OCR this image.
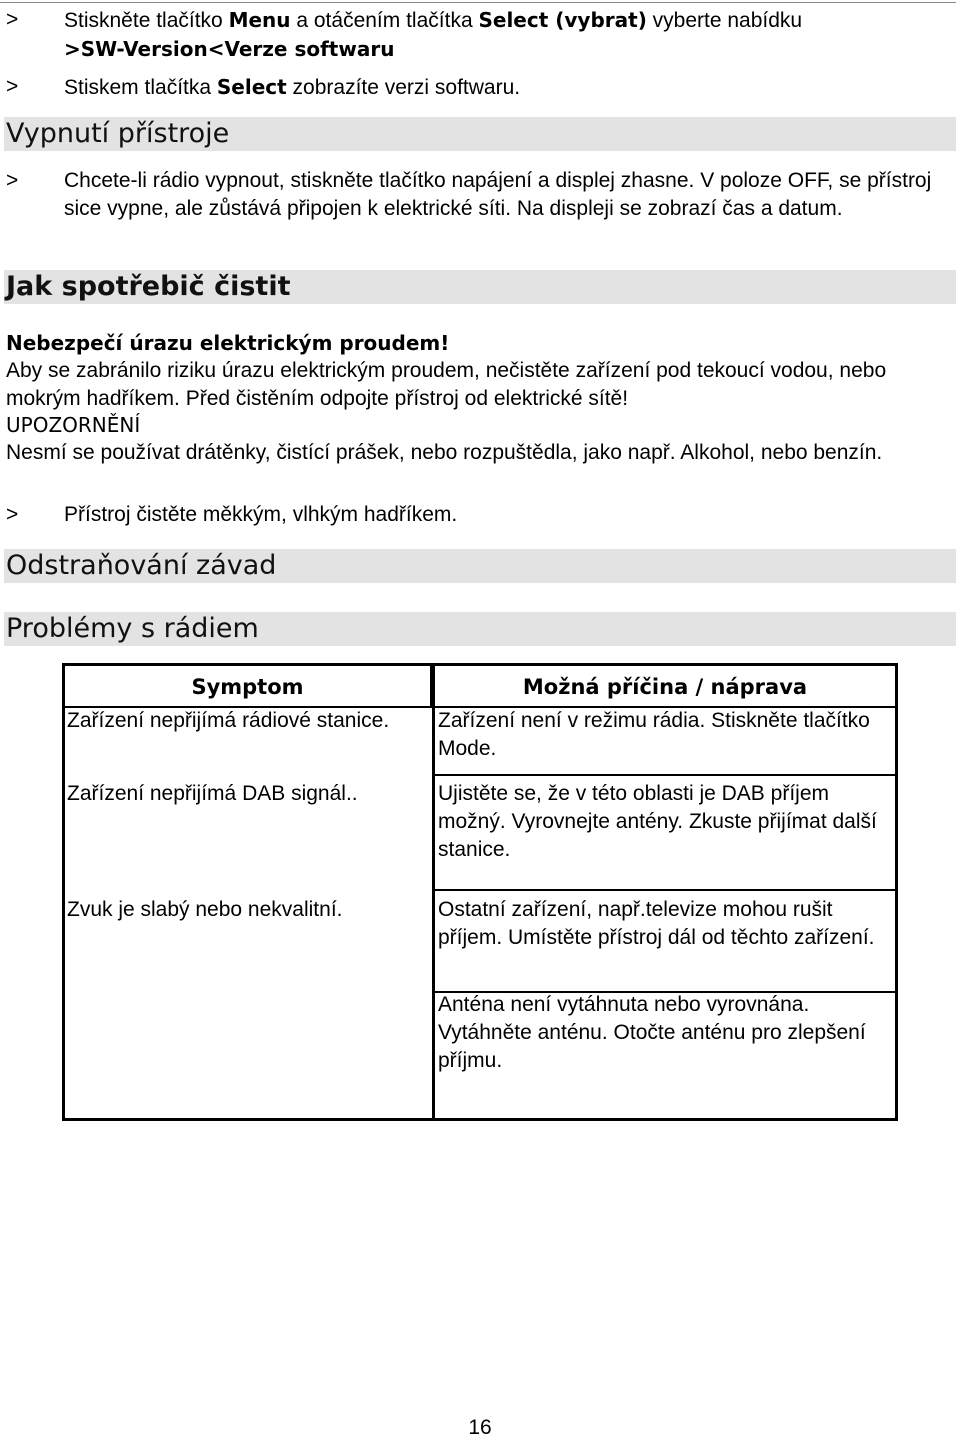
> Stiskněte tlačítko Menu a otáčením tlačítka Select (vybrat) vyberte nabídku
>SW-Version<Verze softwaru
> Stiskem tlačítka Select zobrazíte verzi softwaru.
Vypnutí přístroje
> Chcete-li rádio vypnout, stiskněte tlačítko napájení a displej zhasne. V poloze OFF, se přístroj sice vypne, ale zůstává připojen k elektrické síti. Na displeji se zobrazí čas a datum.
Jak spotřebič čistit
Nebezpečí úrazu elektrickým proudem!
Aby se zabránilo riziku úrazu elektrickým proudem, nečistěte zařízení pod tekoucí vodou, nebo mokrým hadříkem. Před čistěním odpojte přístroj od elektrické sítě!
UPOZORNĚNÍ
Nesmí se používat drátěnky, čistící prášek, nebo rozpuštědla, jako např. Alkohol, nebo benzín.
> Přístroj čistěte měkkým, vlhkým hadříkem.
Odstraňování závad
Problémy s rádiem
Symptom	Možná příčina / náprava
Zařízení nepřijímá rádiové stanice.	Zařízení není v režimu rádia. Stiskněte tlačítko Mode.
Zařízení nepřijímá DAB signál..	Ujistěte se, že v této oblasti je DAB příjem možný. Vyrovnejte antény. Zkuste přijímat další stanice.
Zvuk je slabý nebo nekvalitní.	Ostatní zařízení, např.televize mohou rušit příjem. Umístěte přístroj dál od těchto zařízení.
Anténa není vytáhnuta nebo vyrovnána. Vytáhněte anténu. Otočte anténu pro zlepšení příjmu.
16
